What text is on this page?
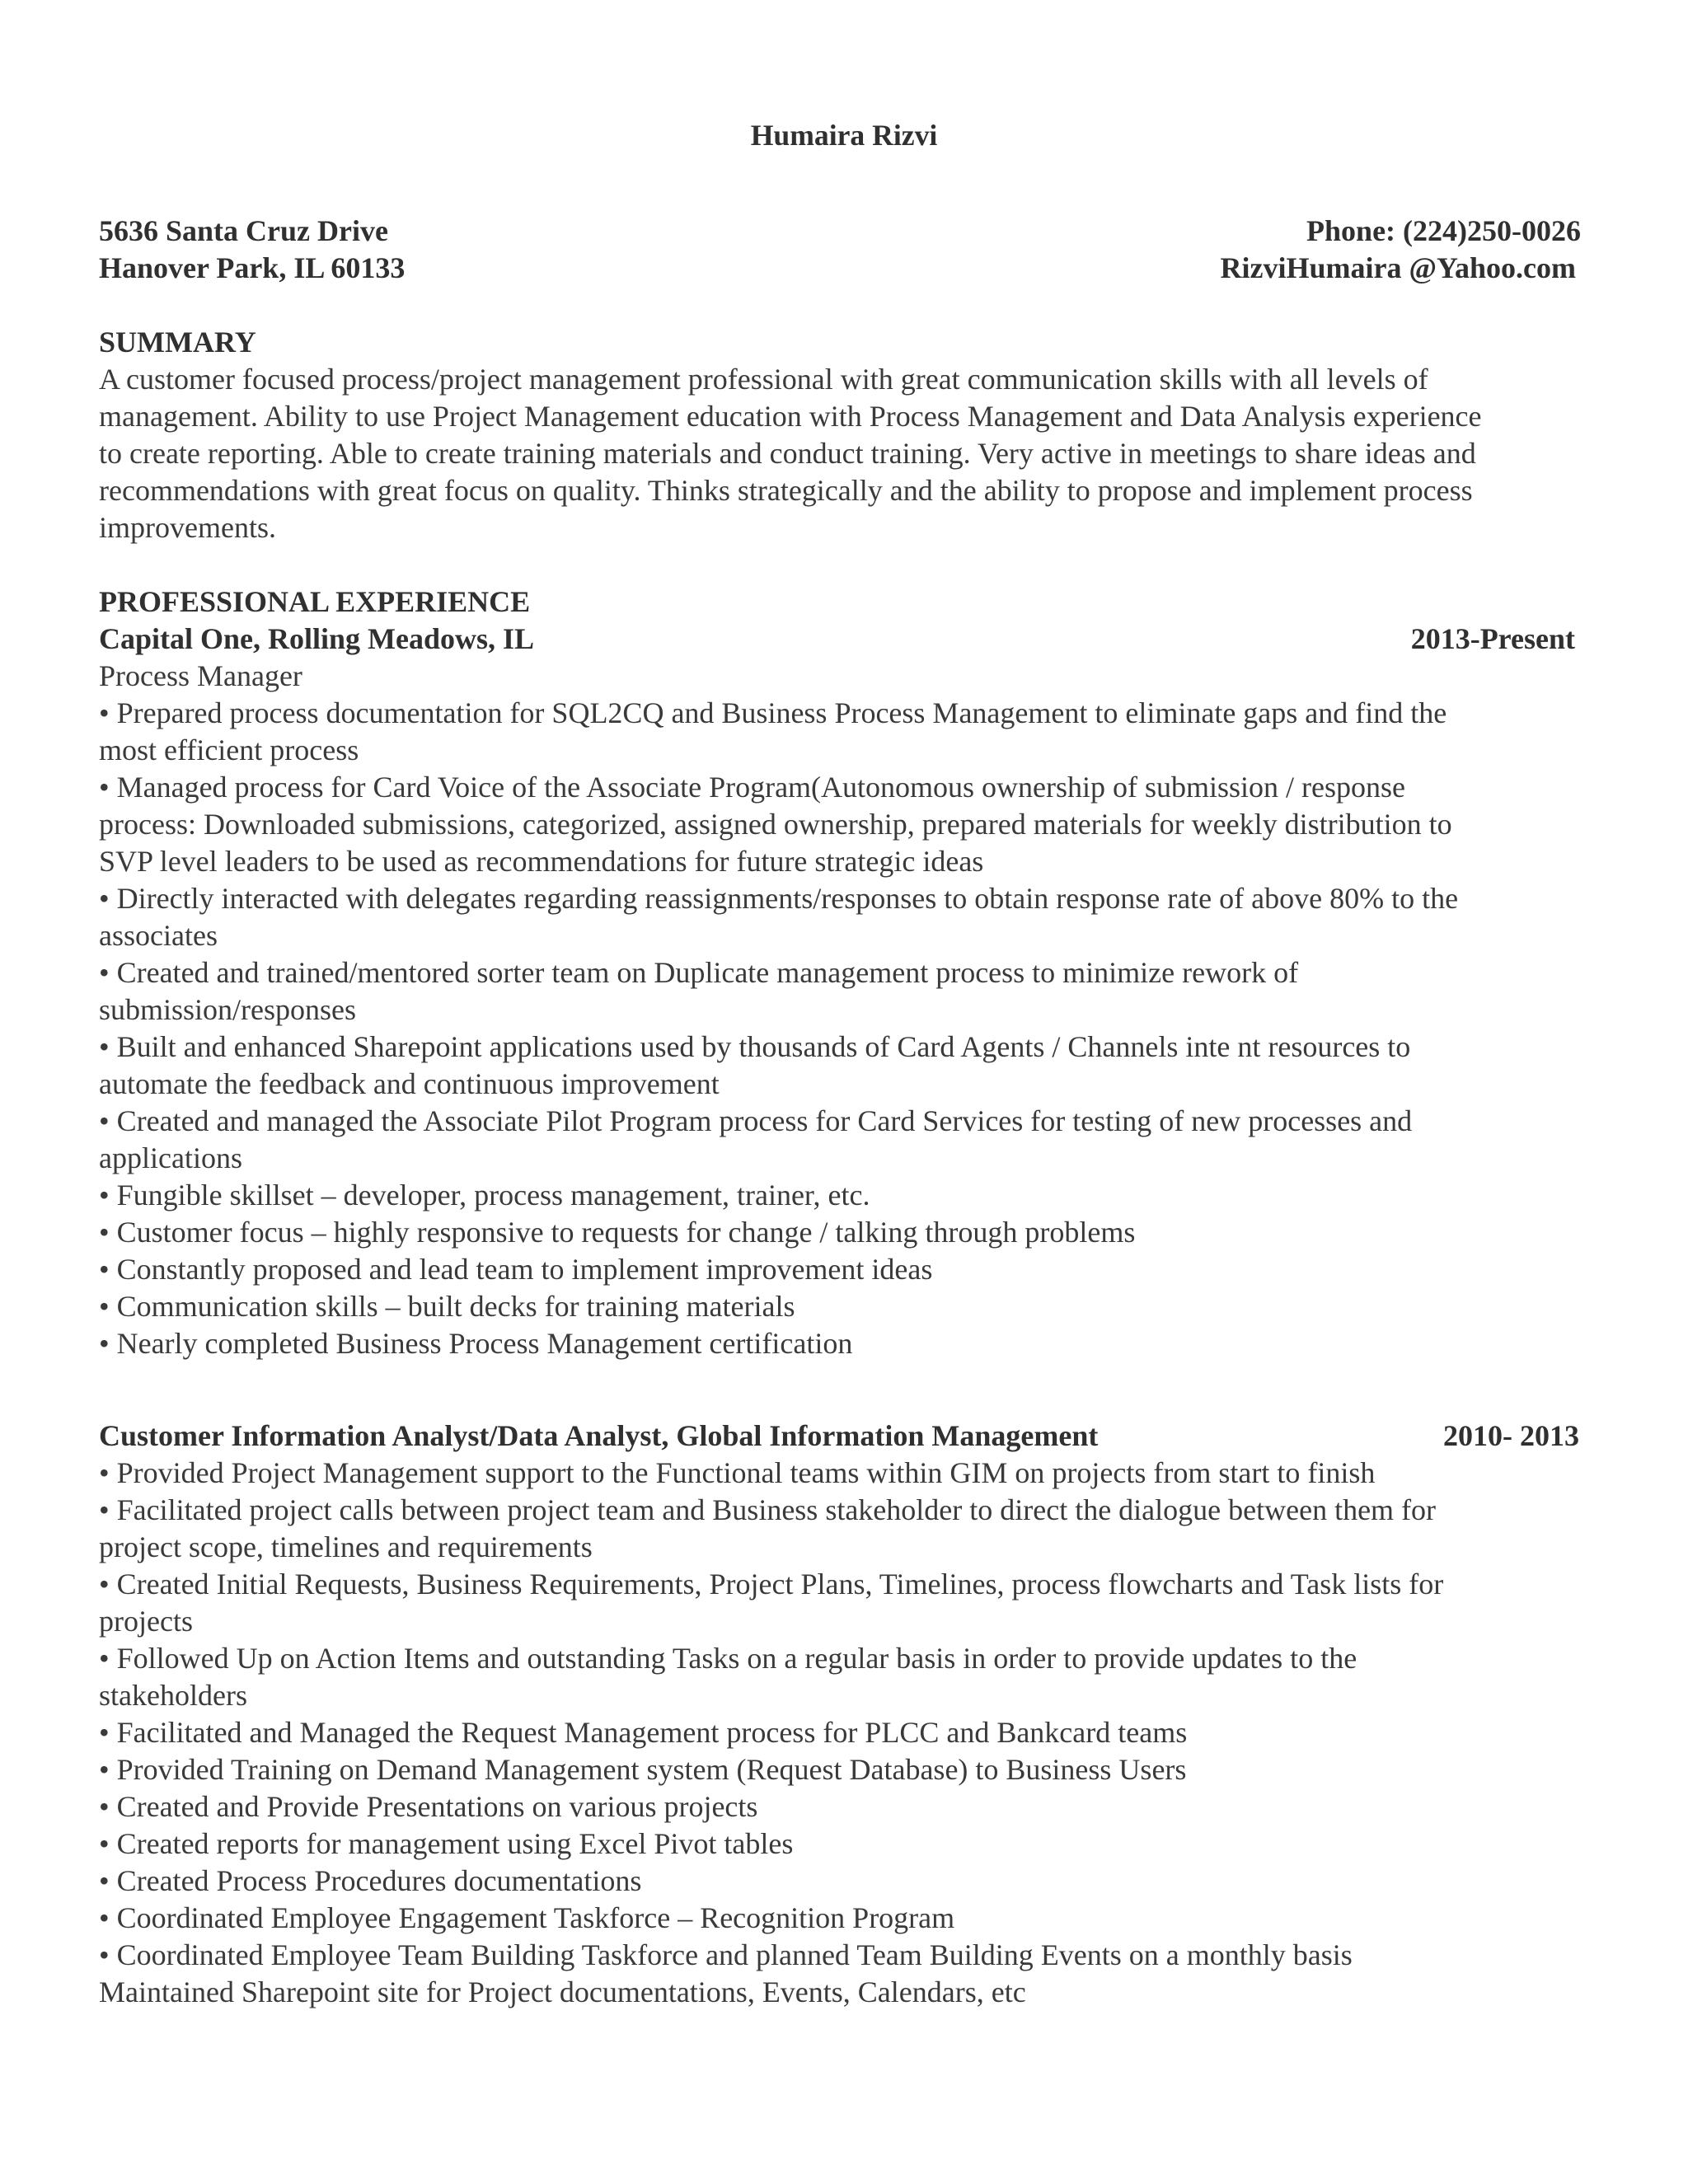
Humaira Rizvi
5636 Santa Cruz Drive
Hanover Park, IL 60133
Phone: (224)250-0026
RizviHumaira @Yahoo.com
SUMMARY
A customer focused process/project management professional with great communication skills with all levels of
management. Ability to use Project Management education with Process Management and Data Analysis experience
to create reporting. Able to create training materials and conduct training. Very active in meetings to share ideas and
recommendations with great focus on quality. Thinks strategically and the ability to propose and implement process
improvements.
PROFESSIONAL EXPERIENCE
Capital One, Rolling Meadows, IL	2013-Present
Process Manager
• Prepared process documentation for SQL2CQ and Business Process Management to eliminate gaps and find the
most efficient process
• Managed process for Card Voice of the Associate Program(Autonomous ownership of submission / response
process: Downloaded submissions, categorized, assigned ownership, prepared materials for weekly distribution to
SVP level leaders to be used as recommendations for future strategic ideas
• Directly interacted with delegates regarding reassignments/responses to obtain response rate of above 80% to the
associates
• Created and trained/mentored sorter team on Duplicate management process to minimize rework of
submission/responses
• Built and enhanced Sharepoint applications used by thousands of Card Agents / Channels inte nt resources to
automate the feedback and continuous improvement
• Created and managed the Associate Pilot Program process for Card Services for testing of new processes and
applications
• Fungible skillset – developer, process management, trainer, etc.
• Customer focus – highly responsive to requests for change / talking through problems
• Constantly proposed and lead team to implement improvement ideas
• Communication skills – built decks for training materials
• Nearly completed Business Process Management certification
Customer Information Analyst/Data Analyst, Global Information Management	2010- 2013
• Provided Project Management support to the Functional teams within GIM on projects from start to finish
• Facilitated project calls between project team and Business stakeholder to direct the dialogue between them for
project scope, timelines and requirements
• Created Initial Requests, Business Requirements, Project Plans, Timelines, process flowcharts and Task lists for
projects
• Followed Up on Action Items and outstanding Tasks on a regular basis in order to provide updates to the
stakeholders
• Facilitated and Managed the Request Management process for PLCC and Bankcard teams
• Provided Training on Demand Management system (Request Database) to Business Users
• Created and Provide Presentations on various projects
• Created reports for management using Excel Pivot tables
• Created Process Procedures documentations
• Coordinated Employee Engagement Taskforce – Recognition Program
• Coordinated Employee Team Building Taskforce and planned Team Building Events on a monthly basis
Maintained Sharepoint site for Project documentations, Events, Calendars, etc
